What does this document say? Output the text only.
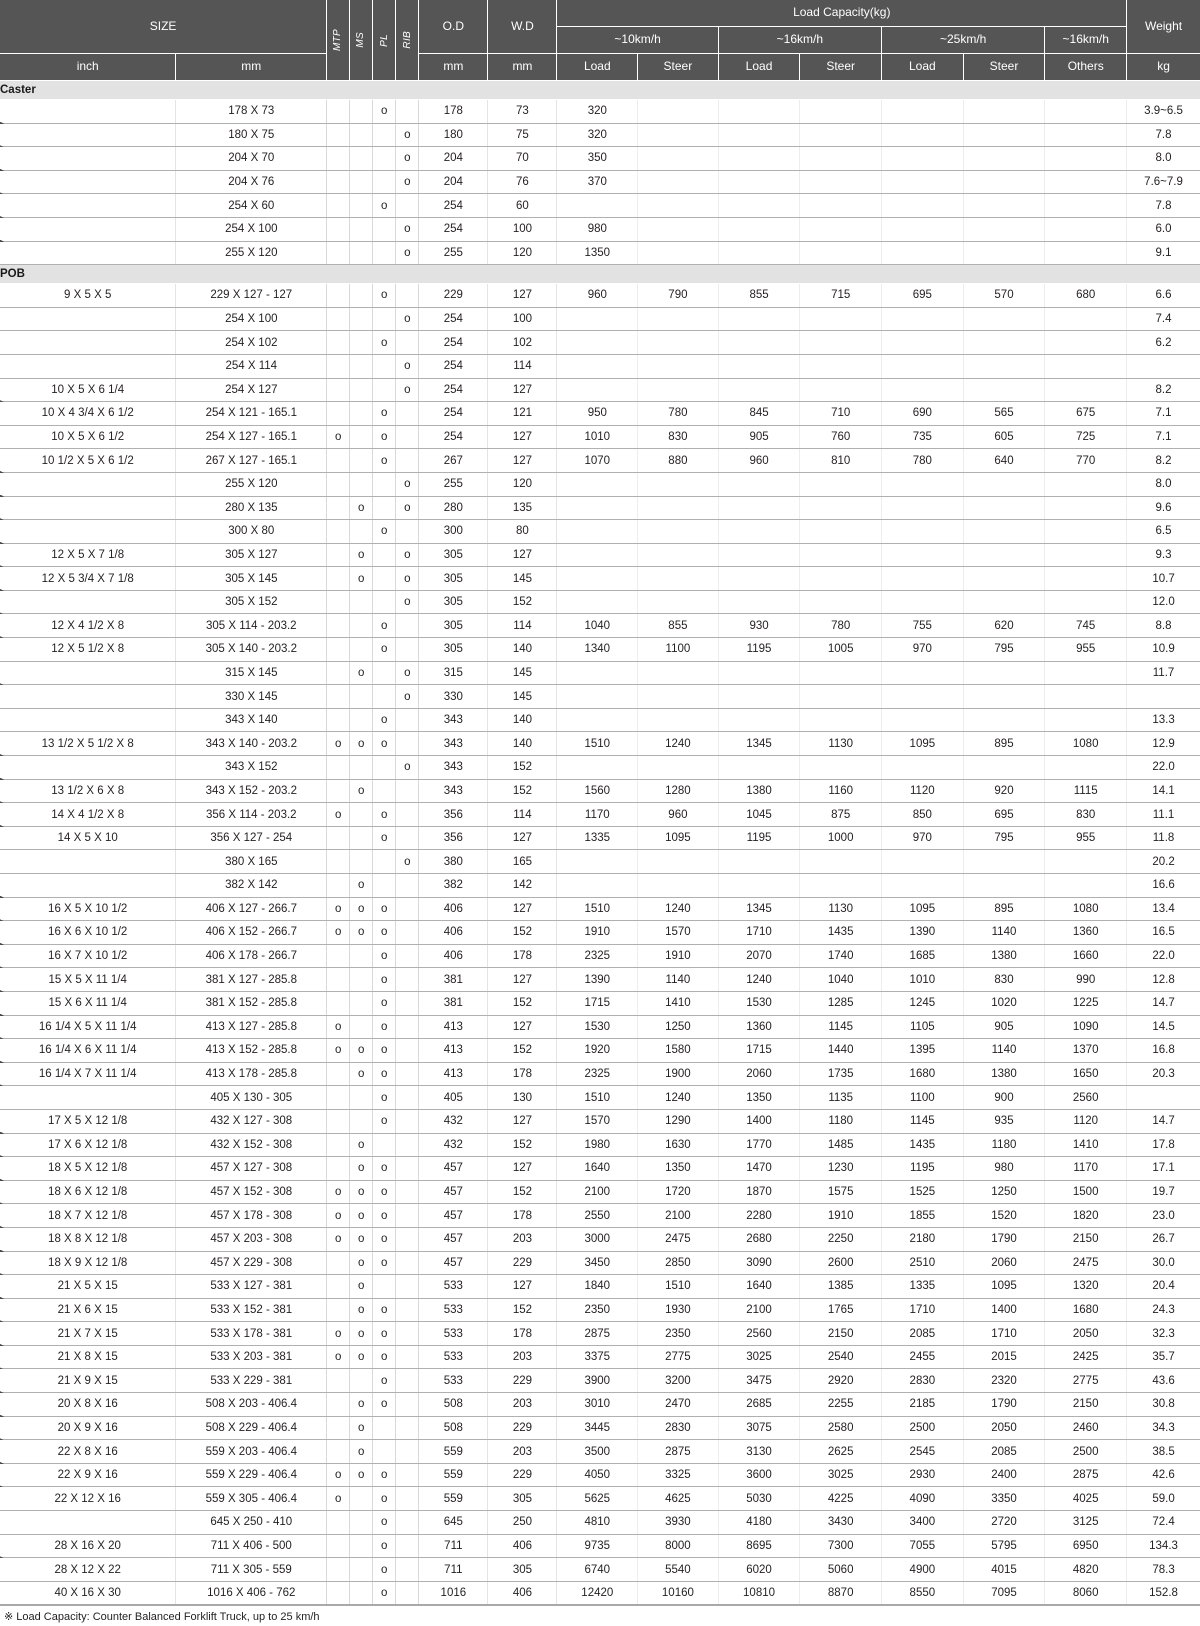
SIZE		MTP	MS	PL	RIB	O.D	W.D	Load Capacity(kg)							Weight
								~10km/h		~16km/h		~25km/h		~16km/h	
inch	mm					mm	mm	Load	Steer	Load	Steer	Load	Steer	Others	kg
Caster															
	178 X 73			o		178	73	320							3.9~6.5
	180 X 75				o	180	75	320							7.8
	204 X 70				o	204	70	350							8.0
	204 X 76				o	204	76	370							7.6~7.9
	254 X 60			o		254	60								7.8
	254 X 100				o	254	100	980							6.0
	255 X 120				o	255	120	1350							9.1
POB															
9 X 5 X 5	229 X 127 - 127			o		229	127	960	790	855	715	695	570	680	6.6
	254 X 100				o	254	100								7.4
	254 X 102			o		254	102								6.2
	254 X 114				o	254	114								
10 X 5 X 6 1/4	254 X 127				o	254	127								8.2
10 X 4 3/4 X 6 1/2	254 X 121 - 165.1			o		254	121	950	780	845	710	690	565	675	7.1
10 X 5 X 6 1/2	254 X 127 - 165.1	o		o		254	127	1010	830	905	760	735	605	725	7.1
10 1/2 X 5 X 6 1/2	267 X 127 - 165.1			o		267	127	1070	880	960	810	780	640	770	8.2
	255 X 120				o	255	120								8.0
	280 X 135		o		o	280	135								9.6
	300 X 80			o		300	80								6.5
12 X 5 X 7 1/8	305 X 127		o		o	305	127								9.3
12 X 5 3/4 X 7 1/8	305 X 145		o		o	305	145								10.7
	305 X 152				o	305	152								12.0
12 X 4 1/2 X 8	305 X 114 - 203.2			o		305	114	1040	855	930	780	755	620	745	8.8
12 X 5 1/2 X 8	305 X 140 - 203.2			o		305	140	1340	1100	1195	1005	970	795	955	10.9
	315 X 145		o		o	315	145								11.7
	330 X 145				o	330	145								
	343 X 140			o		343	140								13.3
13 1/2 X 5 1/2 X 8	343 X 140 - 203.2	o	o	o		343	140	1510	1240	1345	1130	1095	895	1080	12.9
	343 X 152				o	343	152								22.0
13 1/2 X 6 X 8	343 X 152 - 203.2		o			343	152	1560	1280	1380	1160	1120	920	1115	14.1
14 X 4 1/2 X 8	356 X 114 - 203.2	o		o		356	114	1170	960	1045	875	850	695	830	11.1
14 X 5 X 10	356 X 127 - 254			o		356	127	1335	1095	1195	1000	970	795	955	11.8
	380 X 165				o	380	165								20.2
	382 X 142		o			382	142								16.6
16 X 5 X 10 1/2	406 X 127 - 266.7	o	o	o		406	127	1510	1240	1345	1130	1095	895	1080	13.4
16 X 6 X 10 1/2	406 X 152 - 266.7	o	o	o		406	152	1910	1570	1710	1435	1390	1140	1360	16.5
16 X 7 X 10 1/2	406 X 178 - 266.7			o		406	178	2325	1910	2070	1740	1685	1380	1660	22.0
15 X 5 X 11 1/4	381 X 127 - 285.8			o		381	127	1390	1140	1240	1040	1010	830	990	12.8
15 X 6 X 11 1/4	381 X 152 - 285.8			o		381	152	1715	1410	1530	1285	1245	1020	1225	14.7
16 1/4 X 5 X 11 1/4	413 X 127 - 285.8	o		o		413	127	1530	1250	1360	1145	1105	905	1090	14.5
16 1/4 X 6 X 11 1/4	413 X 152 - 285.8	o	o	o		413	152	1920	1580	1715	1440	1395	1140	1370	16.8
16 1/4 X 7 X 11 1/4	413 X 178 - 285.8		o	o		413	178	2325	1900	2060	1735	1680	1380	1650	20.3
	405 X 130 - 305			o		405	130	1510	1240	1350	1135	1100	900	2560	
17 X 5 X 12 1/8	432 X 127 - 308			o		432	127	1570	1290	1400	1180	1145	935	1120	14.7
17 X 6 X 12 1/8	432 X 152 - 308		o			432	152	1980	1630	1770	1485	1435	1180	1410	17.8
18 X 5 X 12 1/8	457 X 127 - 308		o	o		457	127	1640	1350	1470	1230	1195	980	1170	17.1
18 X 6 X 12 1/8	457 X 152 - 308	o	o	o		457	152	2100	1720	1870	1575	1525	1250	1500	19.7
18 X 7 X 12 1/8	457 X 178 - 308	o	o	o		457	178	2550	2100	2280	1910	1855	1520	1820	23.0
18 X 8 X 12 1/8	457 X 203 - 308	o	o	o		457	203	3000	2475	2680	2250	2180	1790	2150	26.7
18 X 9 X 12 1/8	457 X 229 - 308		o	o		457	229	3450	2850	3090	2600	2510	2060	2475	30.0
21 X 5 X 15	533 X 127 - 381		o			533	127	1840	1510	1640	1385	1335	1095	1320	20.4
21 X 6 X 15	533 X 152 - 381		o	o		533	152	2350	1930	2100	1765	1710	1400	1680	24.3
21 X 7 X 15	533 X 178 - 381	o	o	o		533	178	2875	2350	2560	2150	2085	1710	2050	32.3
21 X 8 X 15	533 X 203 - 381	o	o	o		533	203	3375	2775	3025	2540	2455	2015	2425	35.7
21 X 9 X 15	533 X 229 - 381			o		533	229	3900	3200	3475	2920	2830	2320	2775	43.6
20 X 8 X 16	508 X 203 - 406.4		o	o		508	203	3010	2470	2685	2255	2185	1790	2150	30.8
20 X 9 X 16	508 X 229 - 406.4		o			508	229	3445	2830	3075	2580	2500	2050	2460	34.3
22 X 8 X 16	559 X 203 - 406.4		o			559	203	3500	2875	3130	2625	2545	2085	2500	38.5
22 X 9 X 16	559 X 229 - 406.4	o	o	o		559	229	4050	3325	3600	3025	2930	2400	2875	42.6
22 X 12 X 16	559 X 305 - 406.4	o		o		559	305	5625	4625	5030	4225	4090	3350	4025	59.0
	645 X 250 - 410			o		645	250	4810	3930	4180	3430	3400	2720	3125	72.4
28 X 16 X 20	711 X 406 - 500			o		711	406	9735	8000	8695	7300	7055	5795	6950	134.3
28 X 12 X 22	711 X 305 - 559			o		711	305	6740	5540	6020	5060	4900	4015	4820	78.3
40 X 16 X 30	1016 X 406 - 762			o		1016	406	12420	10160	10810	8870	8550	7095	8060	152.8
※ Load Capacity: Counter Balanced Forklift Truck, up to 25 km/h
